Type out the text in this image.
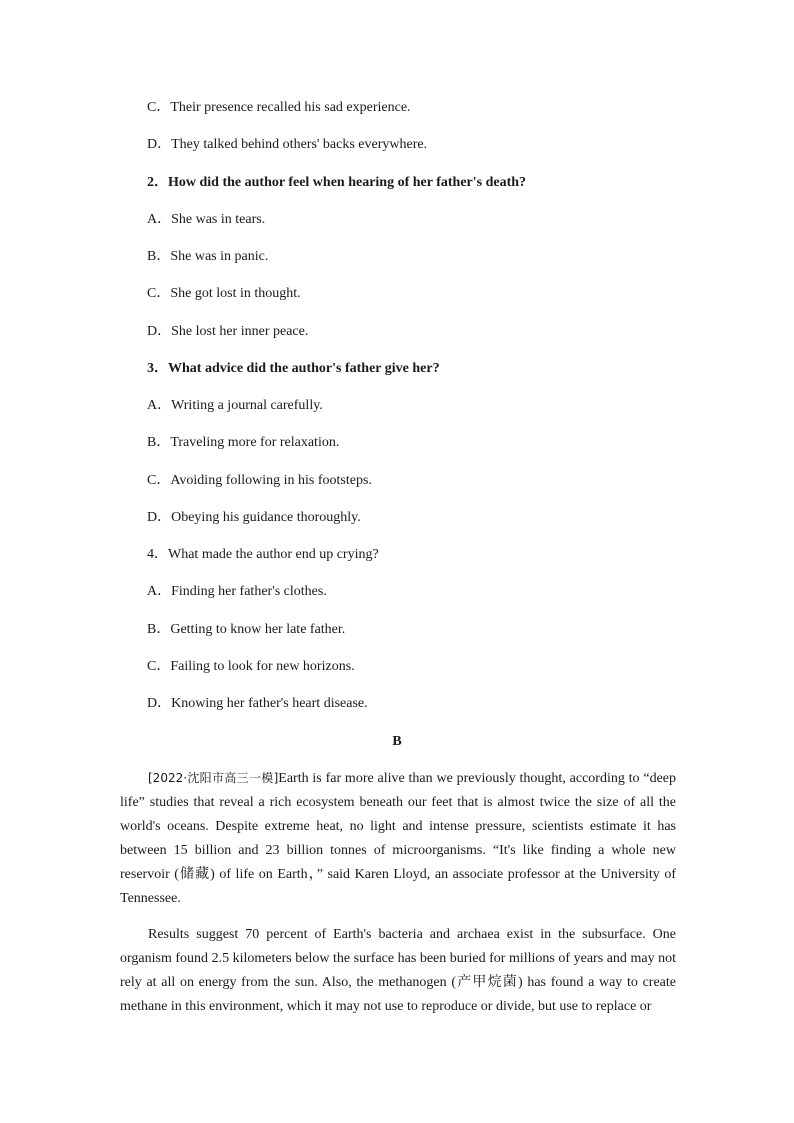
C．Their presence recalled his sad experience.
D．They talked behind others' backs everywhere.
2．How did the author feel when hearing of her father's death?
A．She was in tears.
B．She was in panic.
C．She got lost in thought.
D．She lost her inner peace.
3．What advice did the author's father give her?
A．Writing a journal carefully.
B．Traveling more for relaxation.
C．Avoiding following in his footsteps.
D．Obeying his guidance thoroughly.
4．What made the author end up crying?
A．Finding her father's clothes.
B．Getting to know her late father.
C．Failing to look for new horizons.
D．Knowing her father's heart disease.
B
[2022·沈阳市高三一模]Earth is far more alive than we previously thought, according to “deep life” studies that reveal a rich ecosystem beneath our feet that is almost twice the size of all the world's oceans. Despite extreme heat, no light and intense pressure, scientists estimate it has between 15 billion and 23 billion tonnes of microorganisms. “It's like finding a whole new reservoir (储藏) of life on Earth，” said Karen Lloyd, an associate professor at the University of Tennessee.
Results suggest 70 percent of Earth's bacteria and archaea exist in the subsurface. One organism found 2.5 kilometers below the surface has been buried for millions of years and may not rely at all on energy from the sun. Also, the methanogen (产甲烷菌) has found a way to create methane in this environment, which it may not use to reproduce or divide, but use to replace or
